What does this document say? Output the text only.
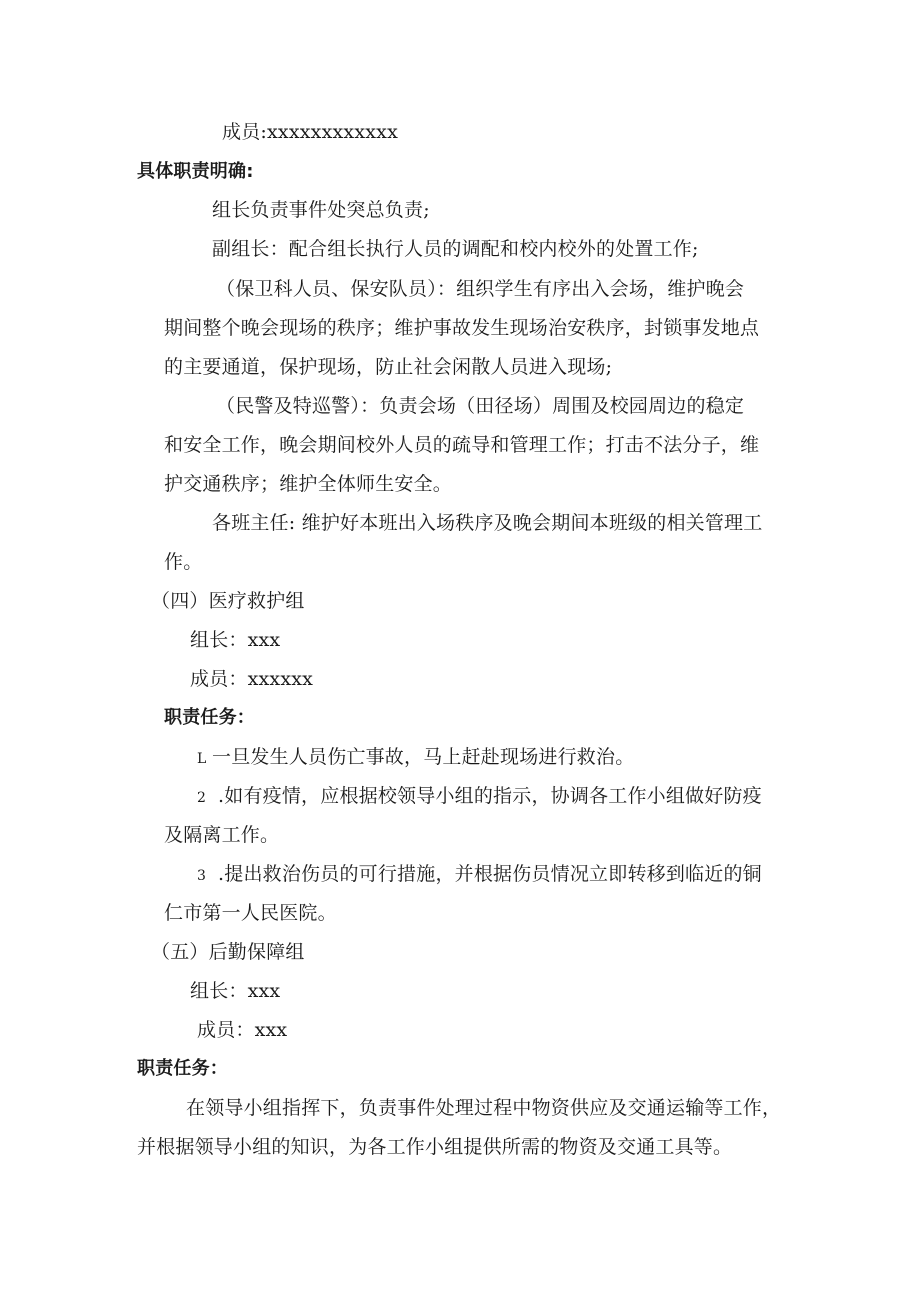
成员:xxxxxxxxxxxx
具体职责明确:
组长负责事件处突总负责;
副组长：配合组长执行人员的调配和校内校外的处置工作;
（保卫科人员、保安队员）：组织学生有序出入会场，维护晚会
期间整个晚会现场的秩序；维护事故发生现场治安秩序，封锁事发地点
的主要通道，保护现场，防止社会闲散人员进入现场;
（民警及特巡警）：负责会场（田径场）周围及校园周边的稳定
和安全工作，晚会期间校外人员的疏导和管理工作；打击不法分子，维
护交通秩序；维护全体师生安全。
各班主任: 维护好本班出入场秩序及晚会期间本班级的相关管理工
作。
（四）医疗救护组
组长：xxx
成员：xxxxxx
职责任务：
L 一旦发生人员伤亡事故，马上赶赴现场进行救治。
2 .如有疫情，应根据校领导小组的指示，协调各工作小组做好防疫
及隔离工作。
3 .提出救治伤员的可行措施，并根据伤员情况立即转移到临近的铜
仁市第一人民医院。
（五）后勤保障组
组长：xxx
成员：xxx
职责任务：
在领导小组指挥下，负责事件处理过程中物资供应及交通运输等工作，
并根据领导小组的知识，为各工作小组提供所需的物资及交通工具等。
